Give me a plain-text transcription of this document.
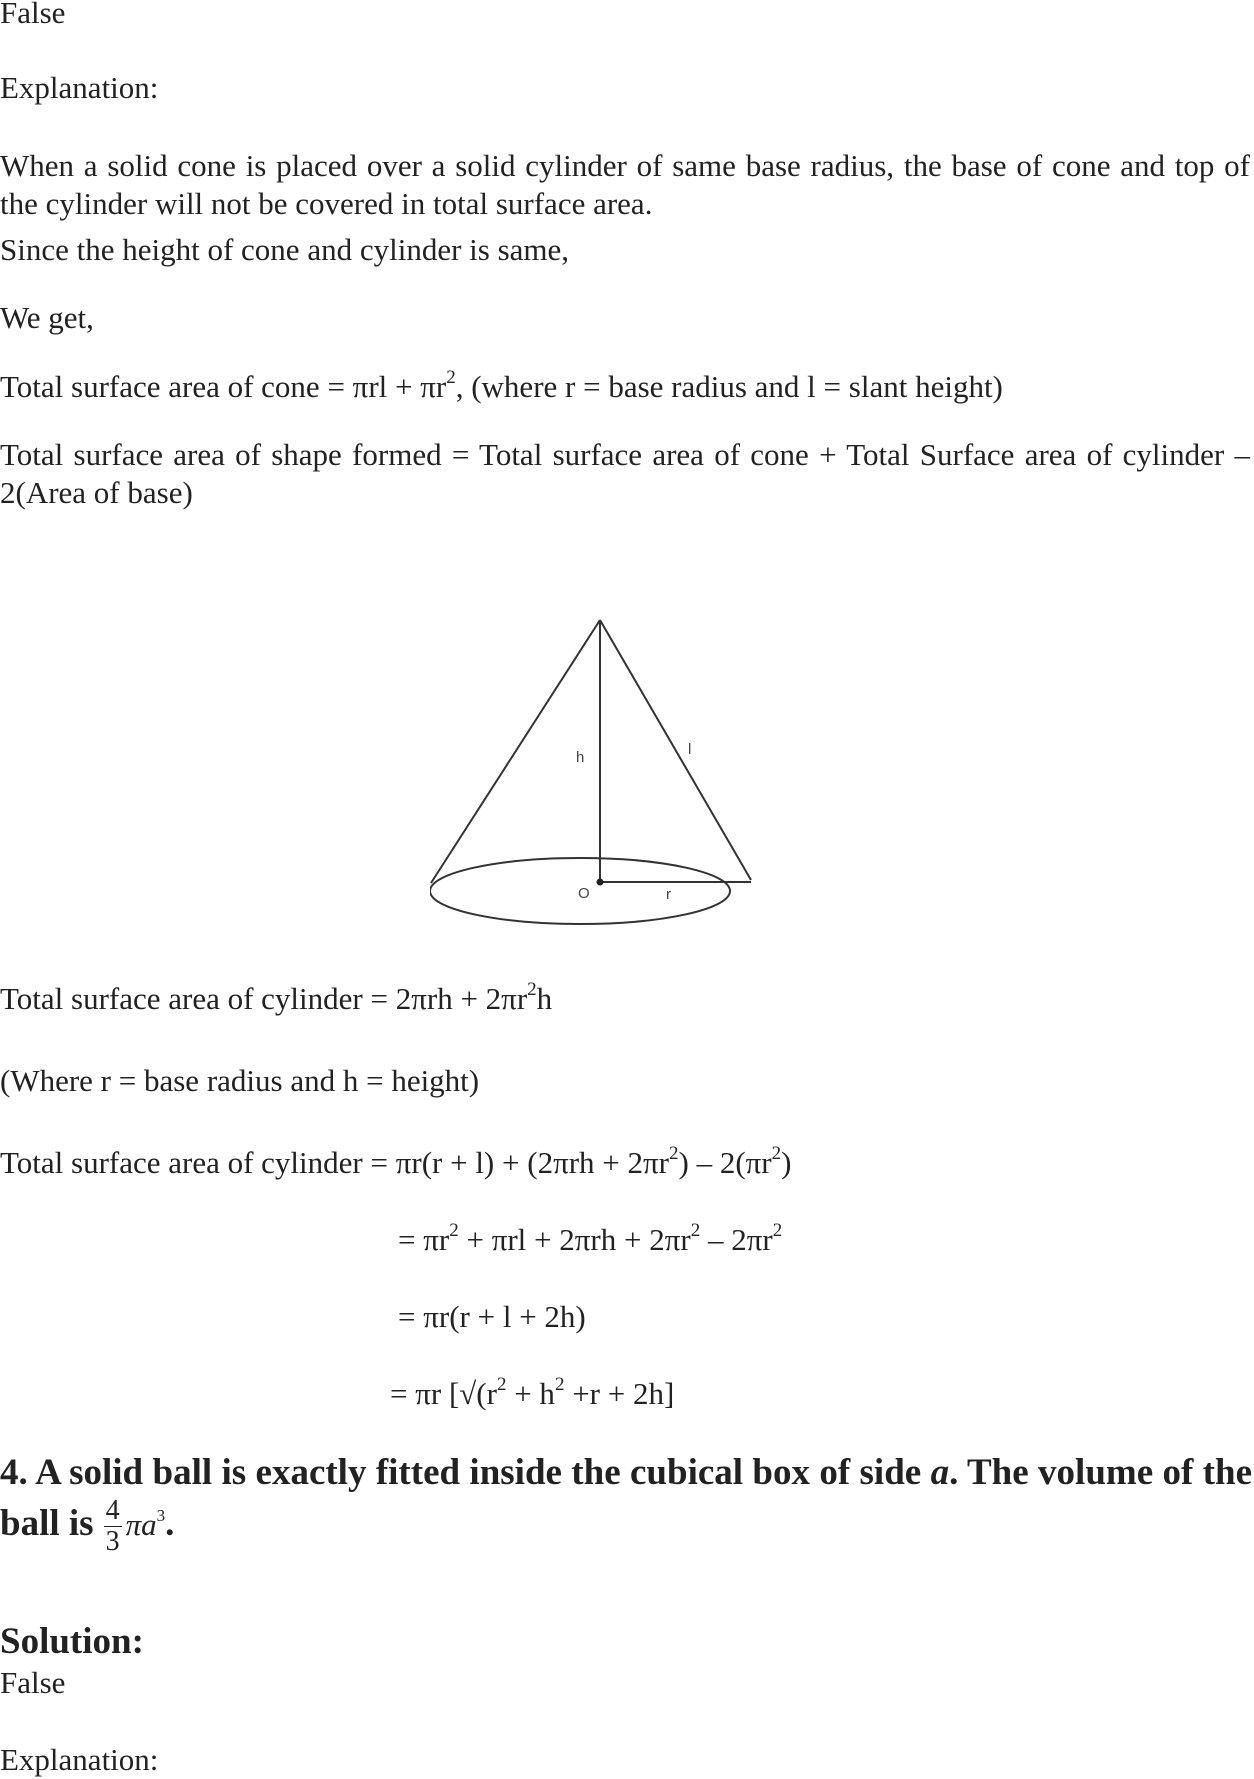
False
Explanation:
When a solid cone is placed over a solid cylinder of same base radius, the base of cone and top of the cylinder will not be covered in total surface area.
Since the height of cone and cylinder is same,
We get,
Total surface area of cone = $\pi rl + \pi r^2$, (where r = base radius and l = slant height)
Total surface area of shape formed = Total surface area of cone + Total Surface area of cylinder – 2(Area of base)
h	l
O	r
Total surface area of cylinder = $2\pi rh + 2\pi r^2h$
(Where r = base radius and h = height)
Total surface area of cylinder = $\pi r(r + l) + (2\pi rh + 2\pi r^2) - 2(\pi r^2)$
= $\pi r^2 + \pi rl + 2\pi rh + 2\pi r^2 - 2\pi r^2$
= πr(r + l + 2h)
= πr [$√(r^2 + h^2 +r + 2h]$
4. A solid ball is exactly fitted inside the cubical box of side a. The volume of the ball is $\frac{4}{3} \pi a^3$.
Solution:
False
Explanation:
